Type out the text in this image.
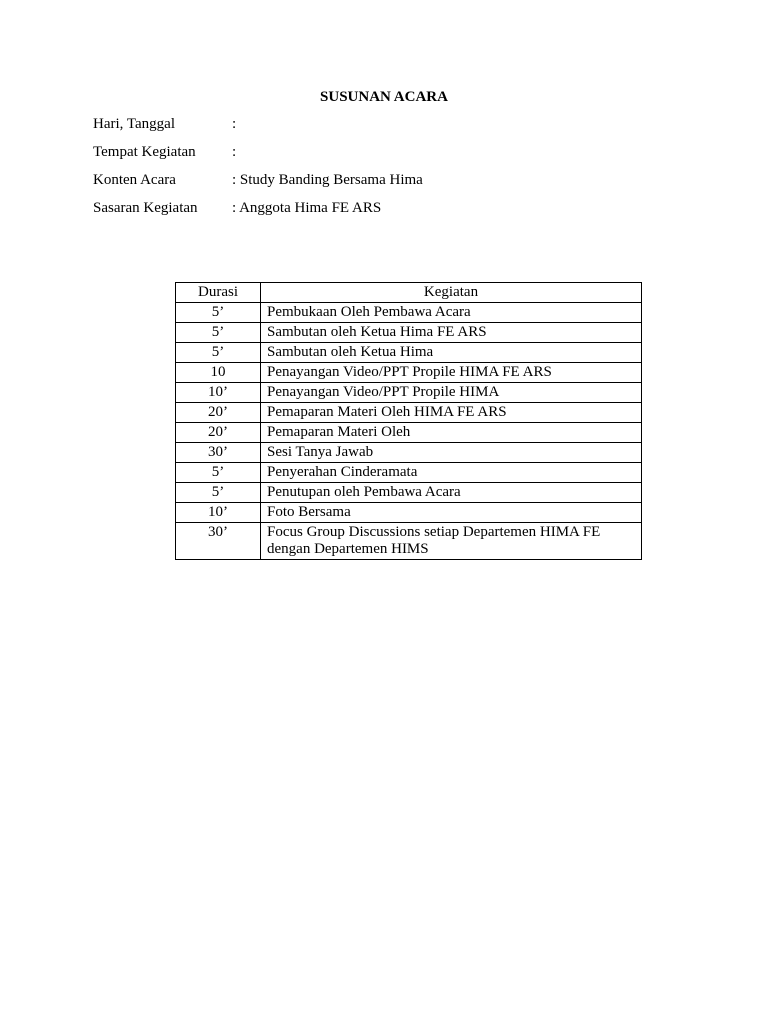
SUSUNAN ACARA
Hari, Tanggal	:
Tempat Kegiatan	:
Konten Acara	: Study Banding Bersama Hima
Sasaran Kegiatan	: Anggota Hima FE ARS
Durasi	Kegiatan
5’	Pembukaan Oleh Pembawa Acara
5’	Sambutan oleh Ketua Hima FE ARS
5’	Sambutan oleh Ketua Hima
10	Penayangan Video/PPT Propile HIMA FE ARS
10’	Penayangan Video/PPT Propile HIMA
20’	Pemaparan Materi Oleh HIMA FE ARS
20’	Pemaparan Materi Oleh
30’	Sesi Tanya Jawab
5’	Penyerahan Cinderamata
5’	Penutupan oleh Pembawa Acara
10’	Foto Bersama
30’	Focus Group Discussions setiap Departemen HIMA FE dengan Departemen HIMS
